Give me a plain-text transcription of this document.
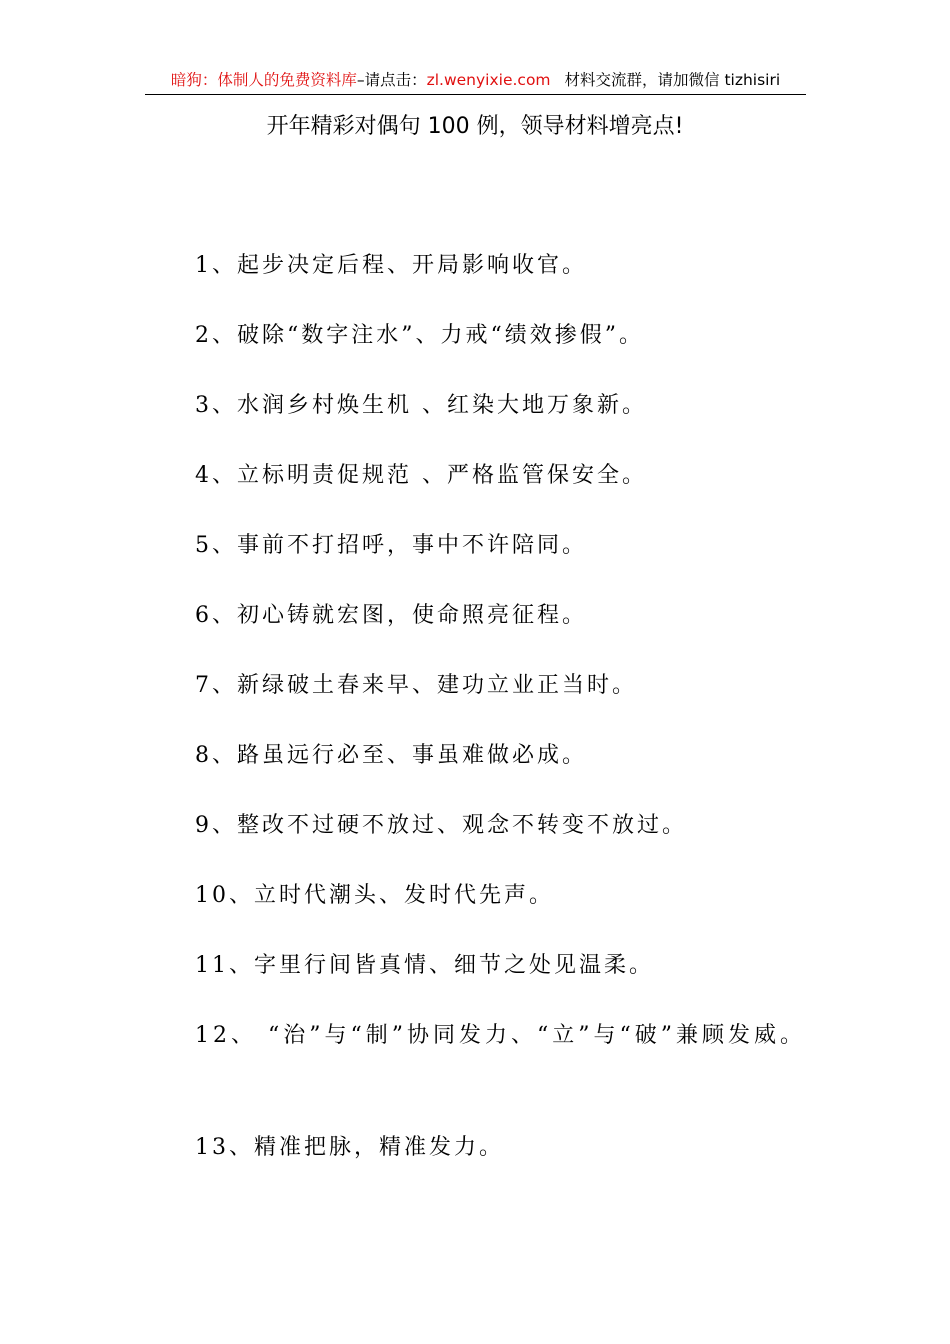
暗狗：体制人的免费资料库–请点击：zl.wenyixie.com 材料交流群，请加微信 tizhisiri
开年精彩对偶句 100 例，领导材料增亮点!
1、起步决定后程、开局影响收官。
2、破除“数字注水”、力戒“绩效掺假”。
3、水润乡村焕生机 、红染大地万象新。
4、立标明责促规范 、严格监管保安全。
5、事前不打招呼，事中不许陪同。
6、初心铸就宏图，使命照亮征程。
7、新绿破土春来早、建功立业正当时。
8、路虽远行必至、事虽难做必成。
9、整改不过硬不放过、观念不转变不放过。
10、立时代潮头、发时代先声。
11、字里行间皆真情、细节之处见温柔。
12、 “治”与“制”协同发力、“立”与“破”兼顾发威。
13、精准把脉，精准发力。
